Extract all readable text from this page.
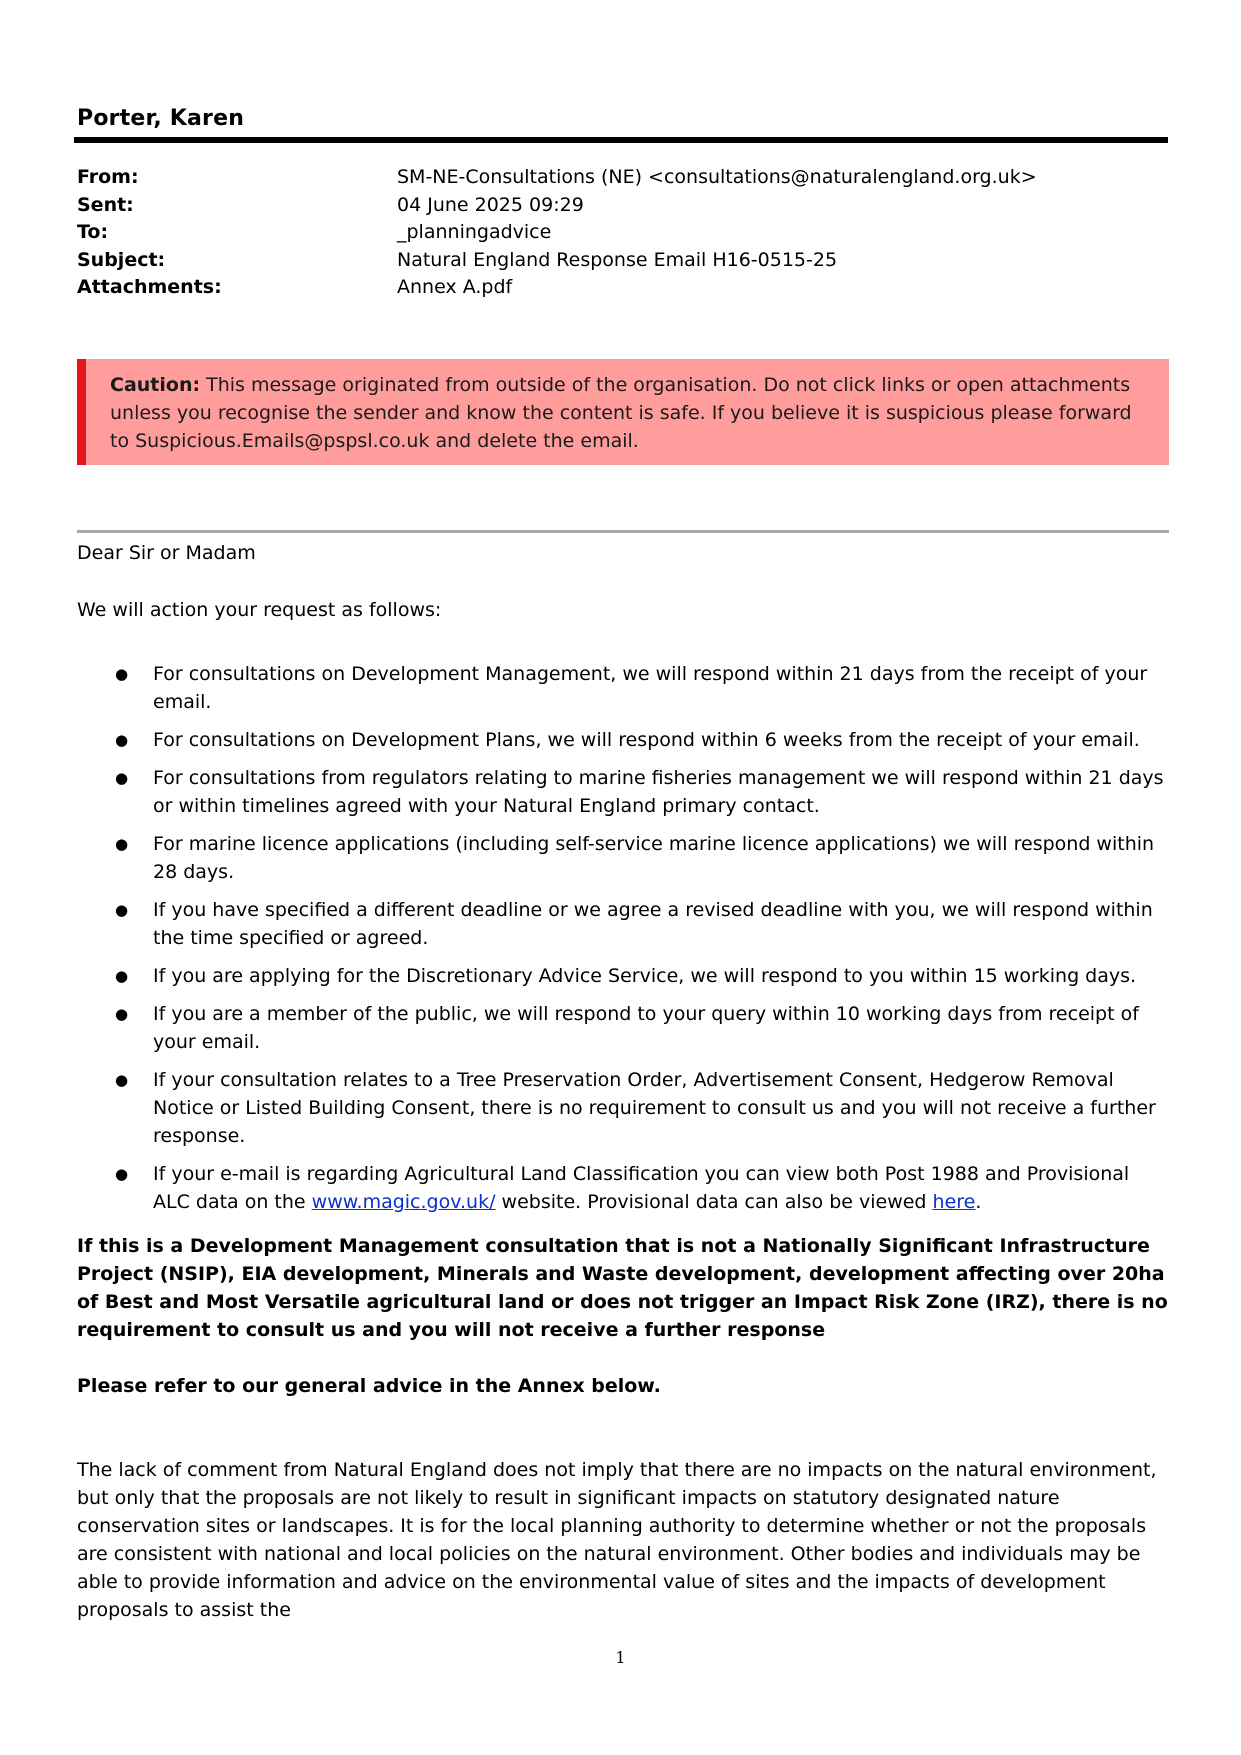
Porter, Karen
From:	SM-NE-Consultations (NE) <consultations@naturalengland.org.uk>
Sent:	04 June 2025 09:29
To:	_planningadvice
Subject:	Natural England Response Email H16-0515-25
Attachments:	Annex A.pdf
Caution: This message originated from outside of the organisation. Do not click links or open attachments unless you recognise the sender and know the content is safe. If you believe it is suspicious please forward to Suspicious.Emails@pspsl.co.uk and delete the email.
Dear Sir or Madam
We will action your request as follows:
● For consultations on Development Management, we will respond within 21 days from the receipt of your email.
● For consultations on Development Plans, we will respond within 6 weeks from the receipt of your email.
● For consultations from regulators relating to marine fisheries management we will respond within 21 days or within timelines agreed with your Natural England primary contact.
● For marine licence applications (including self-service marine licence applications) we will respond within 28 days.
● If you have specified a different deadline or we agree a revised deadline with you, we will respond within the time specified or agreed.
● If you are applying for the Discretionary Advice Service, we will respond to you within 15 working days.
● If you are a member of the public, we will respond to your query within 10 working days from receipt of your email.
● If your consultation relates to a Tree Preservation Order, Advertisement Consent, Hedgerow Removal Notice or Listed Building Consent, there is no requirement to consult us and you will not receive a further response.
● If your e-mail is regarding Agricultural Land Classification you can view both Post 1988 and Provisional ALC data on the www.magic.gov.uk/ website. Provisional data can also be viewed here.
If this is a Development Management consultation that is not a Nationally Significant Infrastructure Project (NSIP), EIA development, Minerals and Waste development, development affecting over 20ha of Best and Most Versatile agricultural land or does not trigger an Impact Risk Zone (IRZ), there is no requirement to consult us and you will not receive a further response
Please refer to our general advice in the Annex below.
The lack of comment from Natural England does not imply that there are no impacts on the natural environment, but only that the proposals are not likely to result in significant impacts on statutory designated nature conservation sites or landscapes. It is for the local planning authority to determine whether or not the proposals are consistent with national and local policies on the natural environment. Other bodies and individuals may be able to provide information and advice on the environmental value of sites and the impacts of development proposals to assist the
1
